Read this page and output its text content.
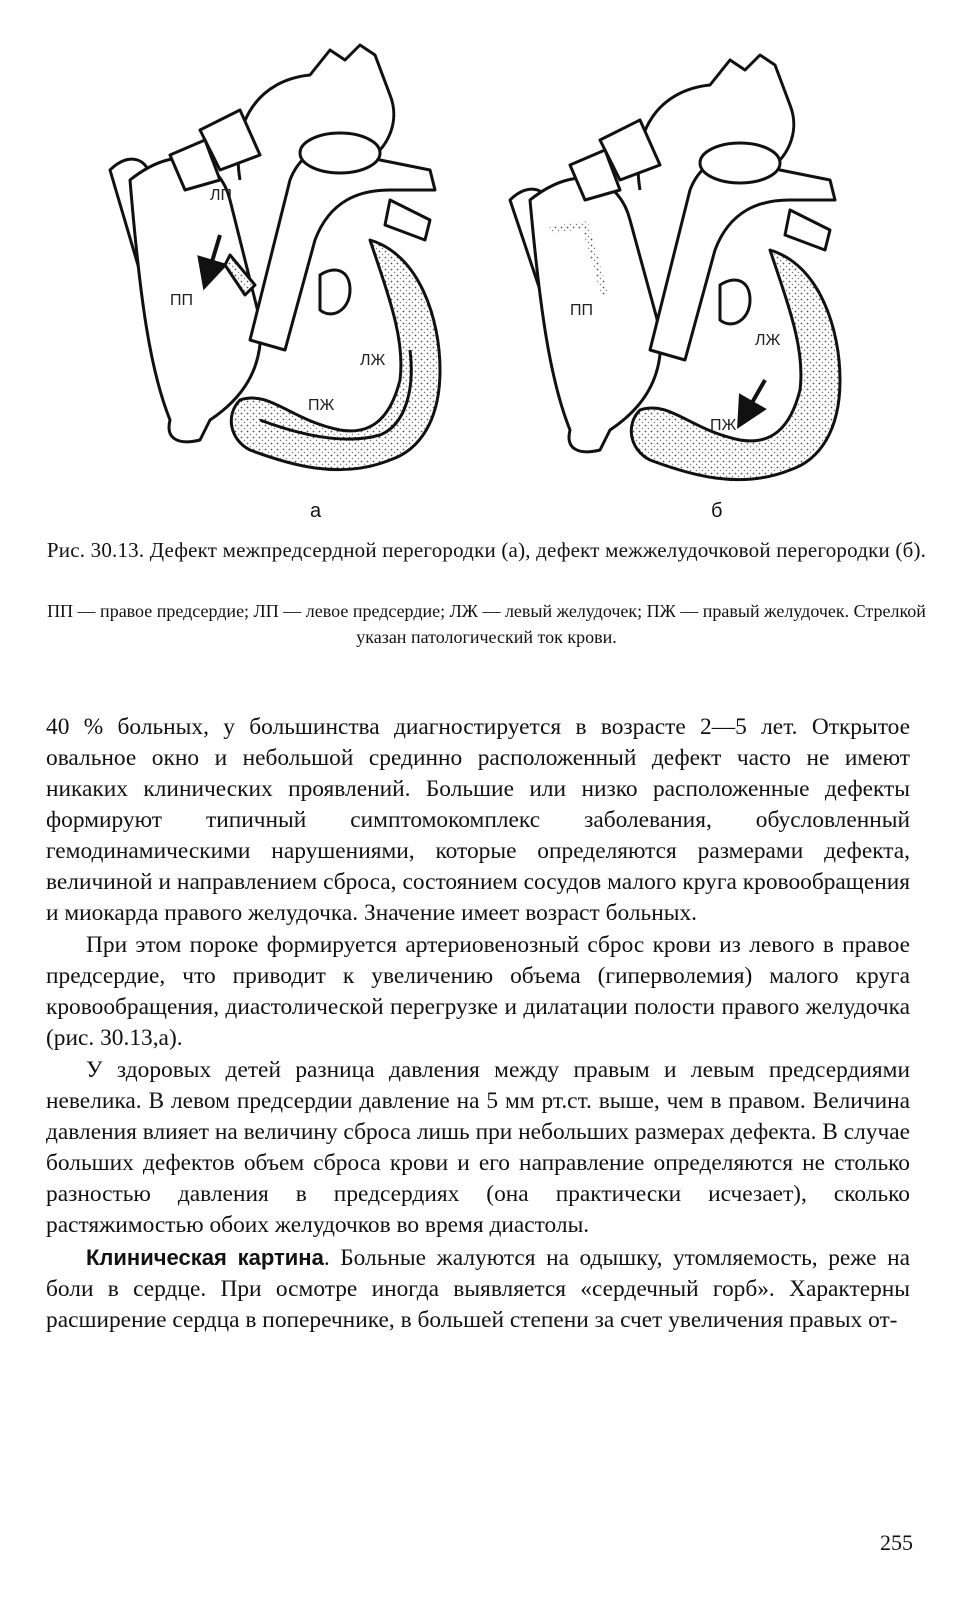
ЛП
ПП
ЛЖ
ПЖ
ПП
ЛЖ
ПЖ
а	б
Рис. 30.13. Дефект межпредсердной перегородки (а), дефект межжелудочковой перегородки (б).
ПП — правое предсердие; ЛП — левое предсердие; ЛЖ — левый желудочек; ПЖ — правый желудочек. Стрелкой указан патологический ток крови.

40 % больных, у большинства диагностируется в возрасте 2—5 лет. Открытое овальное окно и небольшой срединно расположенный дефект часто не имеют никаких клинических проявлений. Большие или низко расположенные дефекты формируют типичный симптомокомплекс заболевания, обусловленный гемодинамическими нарушениями, которые определяются размерами дефекта, величиной и направлением сброса, состоянием сосудов малого круга кровообращения и миокарда правого желудочка. Значение имеет возраст больных.

При этом пороке формируется артериовенозный сброс крови из левого в правое предсердие, что приводит к увеличению объема (гиперволемия) малого круга кровообращения, диастолической перегрузке и дилатации полости правого желудочка (рис. 30.13,а).

У здоровых детей разница давления между правым и левым предсердиями невелика. В левом предсердии давление на 5 мм рт.ст. выше, чем в правом. Величина давления влияет на величину сброса лишь при небольших размерах дефекта. В случае больших дефектов объем сброса крови и его направление определяются не столько разностью давления в предсердиях (она практически исчезает), сколько растяжимостью обоих желудочков во время диастолы.

Клиническая картина. Больные жалуются на одышку, утомляемость, реже на боли в сердце. При осмотре иногда выявляется «сердечный горб». Характерны расширение сердца в поперечнике, в большей степени за счет увеличения правых от-

255
